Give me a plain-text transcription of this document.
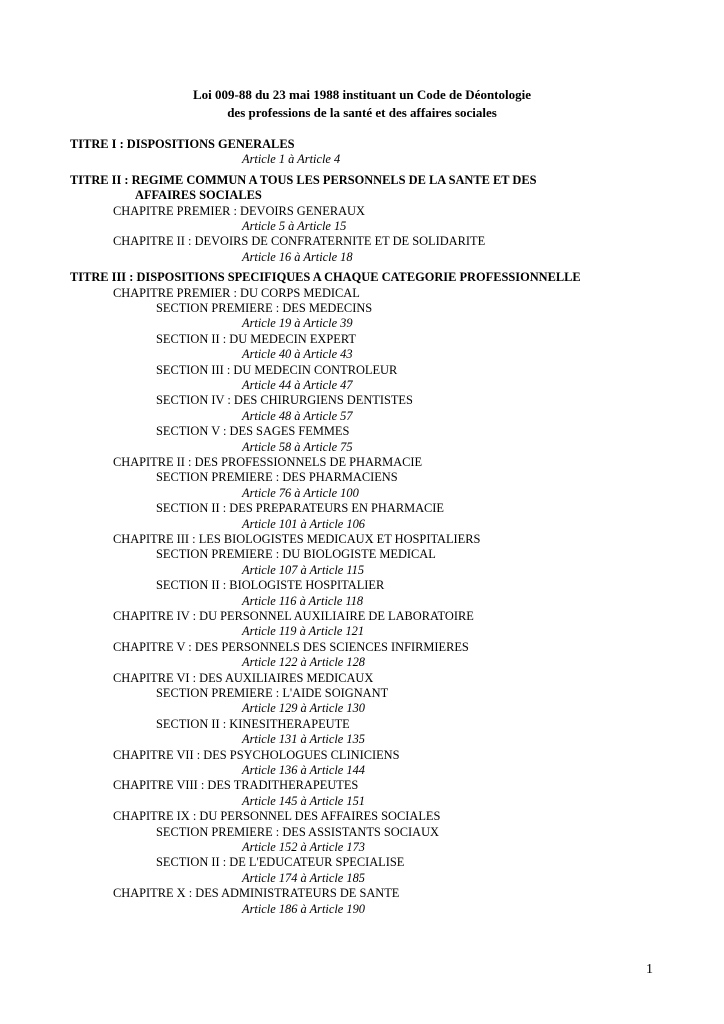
Loi 009-88 du 23 mai 1988 instituant un Code de Déontologie
des professions de la santé et des affaires sociales
TITRE I : DISPOSITIONS GENERALES
Article 1 à Article 4
TITRE II : REGIME COMMUN A TOUS LES PERSONNELS DE LA SANTE ET DES
AFFAIRES SOCIALES
CHAPITRE PREMIER : DEVOIRS GENERAUX
Article 5 à Article 15
CHAPITRE II : DEVOIRS DE CONFRATERNITE ET DE SOLIDARITE
Article 16 à Article 18
TITRE III : DISPOSITIONS SPECIFIQUES A CHAQUE CATEGORIE PROFESSIONNELLE
CHAPITRE PREMIER : DU CORPS MEDICAL
SECTION PREMIERE : DES MEDECINS
Article 19 à Article 39
SECTION II : DU MEDECIN EXPERT
Article 40 à Article 43
SECTION III : DU MEDECIN CONTROLEUR
Article 44 à Article 47
SECTION IV : DES CHIRURGIENS DENTISTES
Article 48 à Article 57
SECTION V : DES SAGES FEMMES
Article 58 à Article 75
CHAPITRE II : DES PROFESSIONNELS DE PHARMACIE
SECTION PREMIERE : DES PHARMACIENS
Article 76 à Article 100
SECTION II : DES PREPARATEURS EN PHARMACIE
Article 101 à Article 106
CHAPITRE III : LES BIOLOGISTES MEDICAUX ET HOSPITALIERS
SECTION PREMIERE : DU BIOLOGISTE MEDICAL
Article 107 à Article 115
SECTION II : BIOLOGISTE HOSPITALIER
Article 116 à Article 118
CHAPITRE IV : DU PERSONNEL AUXILIAIRE DE LABORATOIRE
Article 119 à Article 121
CHAPITRE V : DES PERSONNELS DES SCIENCES INFIRMIERES
Article 122 à Article 128
CHAPITRE VI : DES AUXILIAIRES MEDICAUX
SECTION PREMIERE : L'AIDE SOIGNANT
Article 129 à Article 130
SECTION II : KINESITHERAPEUTE
Article 131 à Article 135
CHAPITRE VII : DES PSYCHOLOGUES CLINICIENS
Article 136 à Article 144
CHAPITRE VIII : DES TRADITHERAPEUTES
Article 145 à Article 151
CHAPITRE IX : DU PERSONNEL DES AFFAIRES SOCIALES
SECTION PREMIERE : DES ASSISTANTS SOCIAUX
Article 152 à Article 173
SECTION II : DE L'EDUCATEUR SPECIALISE
Article 174 à Article 185
CHAPITRE X : DES ADMINISTRATEURS DE SANTE
Article 186 à Article 190
1
